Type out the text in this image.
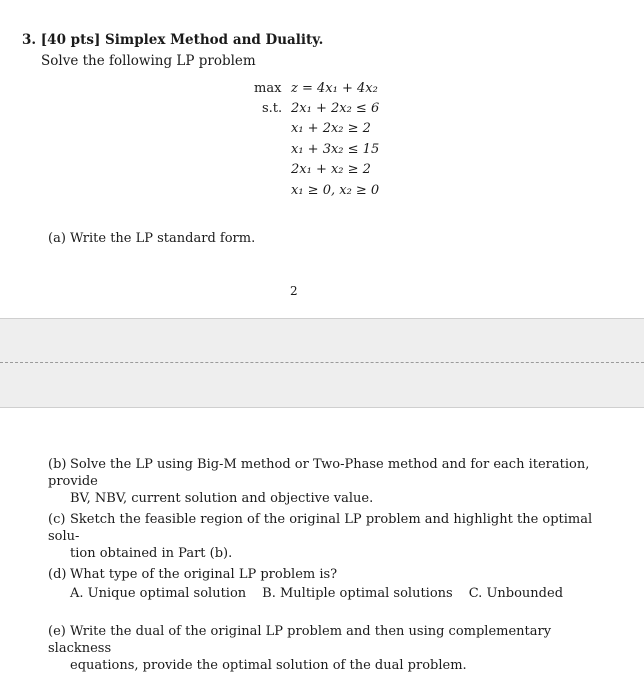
3. [40 pts] Simplex Method and Duality.
Solve the following LP problem
max z = 4x₁ + 4x₂
s.t. 2x₁ + 2x₂ ≤ 6
x₁ + 2x₂ ≥ 2
x₁ + 3x₂ ≤ 15
2x₁ + x₂ ≥ 2
x₁ ≥ 0, x₂ ≥ 0
(a) Write the LP standard form.
2
(b) Solve the LP using Big-M method or Two-Phase method and for each iteration, provide
BV, NBV, current solution and objective value.
(c) Sketch the feasible region of the original LP problem and highlight the optimal solu-
tion obtained in Part (b).
(d) What type of the original LP problem is?
A. Unique optimal solution B. Multiple optimal solutions C. Unbounded
(e) Write the dual of the original LP problem and then using complementary slackness
equations, provide the optimal solution of the dual problem.
